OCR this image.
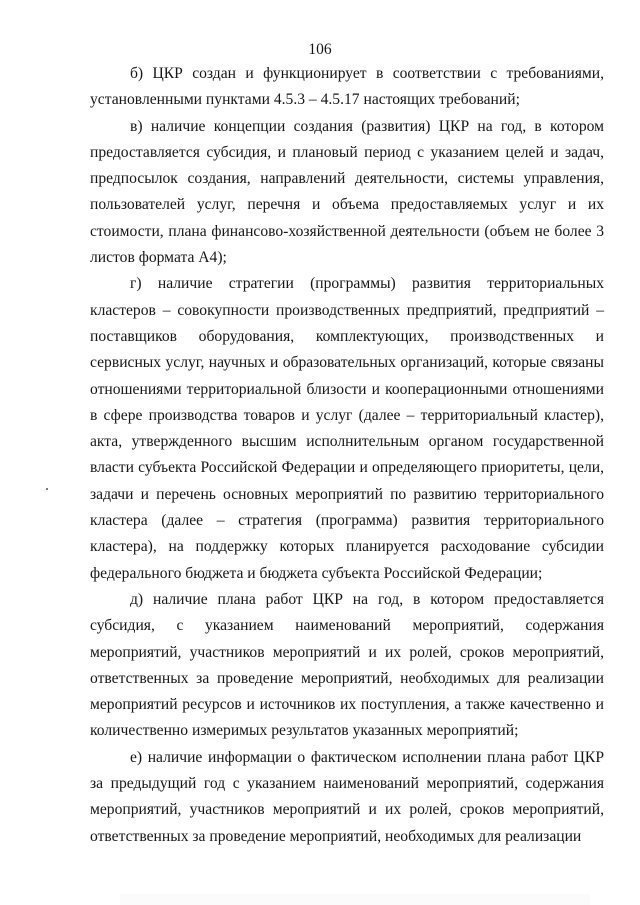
106

б) ЦКР создан и функционирует в соответствии с требованиями, установленными пунктами 4.5.3 – 4.5.17 настоящих требований;

в) наличие концепции создания (развития) ЦКР на год, в котором предоставляется субсидия, и плановый период с указанием целей и задач, предпосылок создания, направлений деятельности, системы управления, пользователей услуг, перечня и объема предоставляемых услуг и их стоимости, плана финансово-хозяйственной деятельности (объем не более 3 листов формата А4);

г) наличие стратегии (программы) развития территориальных кластеров – совокупности производственных предприятий, предприятий – поставщиков оборудования, комплектующих, производственных и сервисных услуг, научных и образовательных организаций, которые связаны отношениями территориальной близости и кооперационными отношениями в сфере производства товаров и услуг (далее – территориальный кластер), акта, утвержденного высшим исполнительным органом государственной власти субъекта Российской Федерации и определяющего приоритеты, цели, задачи и перечень основных мероприятий по развитию территориального кластера (далее – стратегия (программа) развития территориального кластера), на поддержку которых планируется расходование субсидии федерального бюджета и бюджета субъекта Российской Федерации;

д) наличие плана работ ЦКР на год, в котором предоставляется субсидия, с указанием наименований мероприятий, содержания мероприятий, участников мероприятий и их ролей, сроков мероприятий, ответственных за проведение мероприятий, необходимых для реализации мероприятий ресурсов и источников их поступления, а также качественно и количественно измеримых результатов указанных мероприятий;

е) наличие информации о фактическом исполнении плана работ ЦКР за предыдущий год с указанием наименований мероприятий, содержания мероприятий, участников мероприятий и их ролей, сроков мероприятий, ответственных за проведение мероприятий, необходимых для реализации
